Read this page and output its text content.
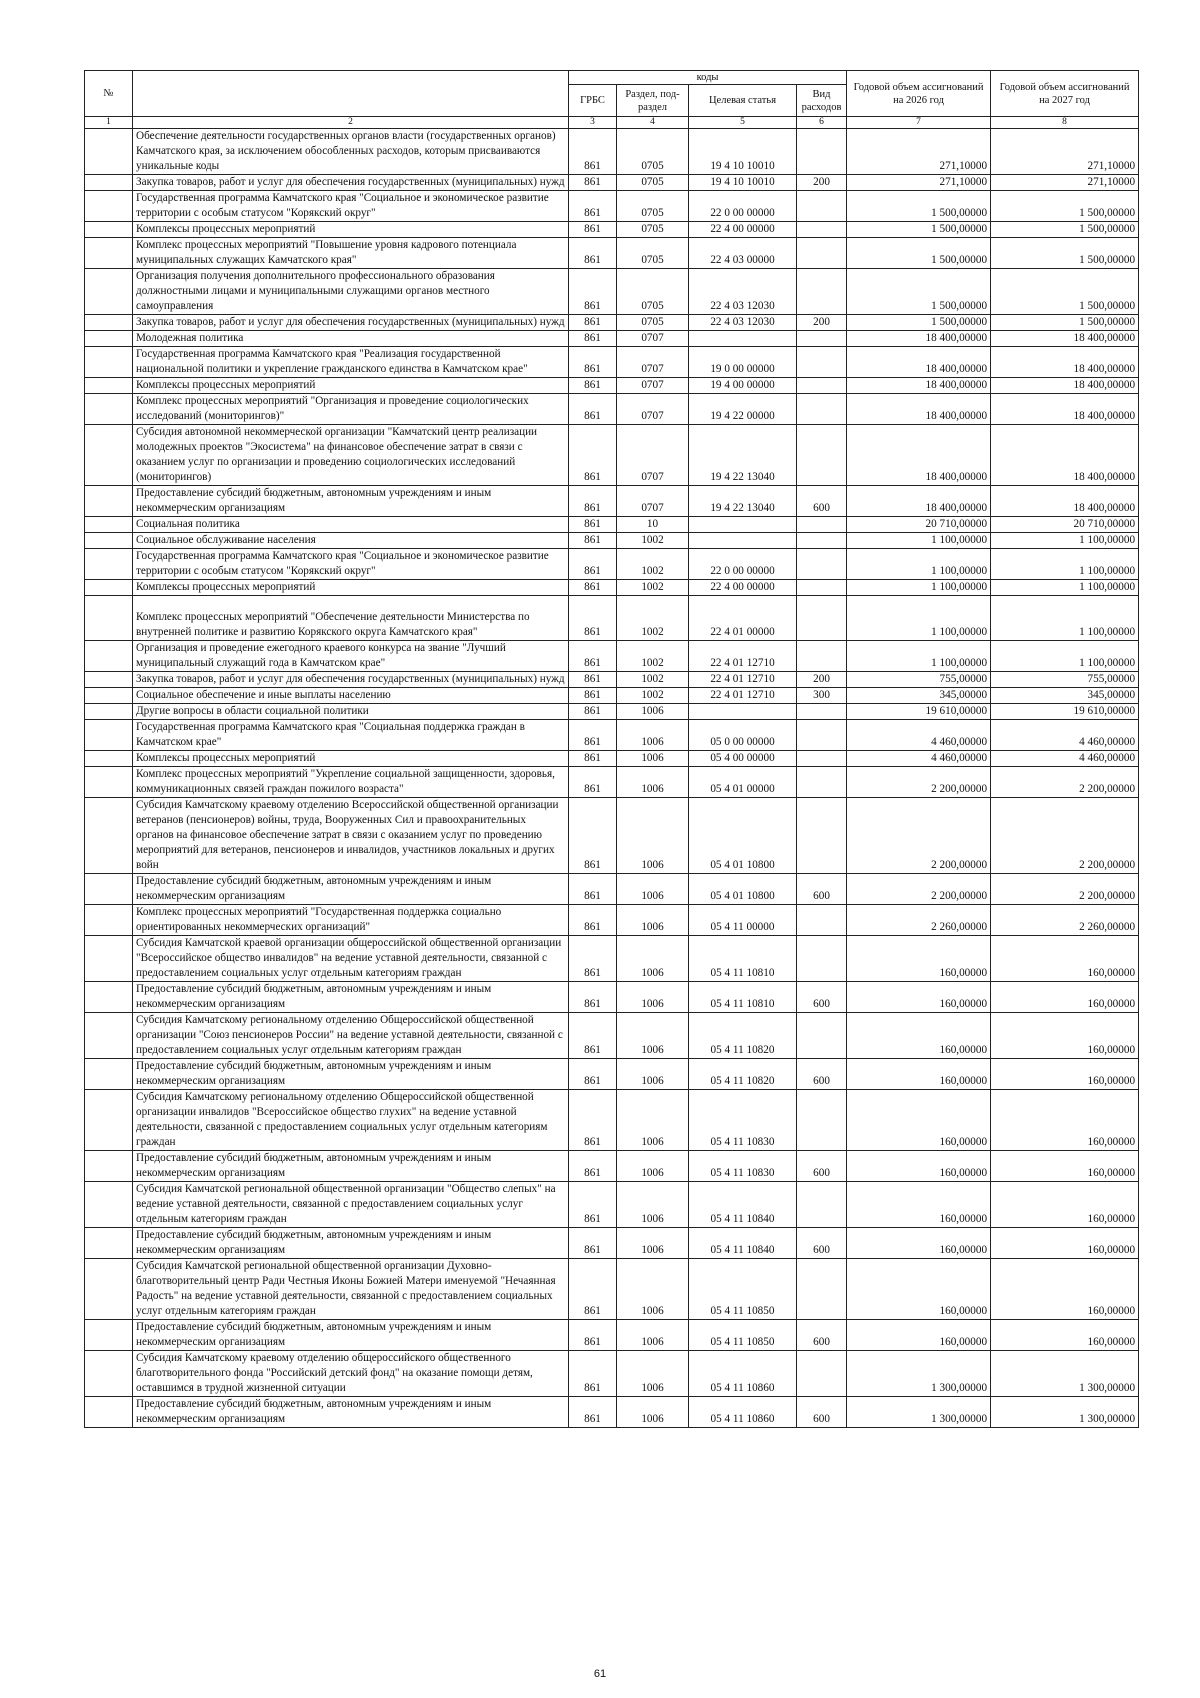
№		коды				Годовой объем ассигнований на 2026 год	Годовой объем ассигнований на 2027 год
		ГРБС	Раздел, под-раздел	Целевая статья	Вид расходов		
1	2	3	4	5	6	7	8
	Обеспечение деятельности государственных органов власти (государственных органов) Камчатского края, за исключением обособленных расходов, которым присваиваются уникальные коды	861	0705	19 4 10 10010		271,10000	271,10000
	Закупка товаров, работ и услуг для обеспечения государственных (муниципальных) нужд	861	0705	19 4 10 10010	200	271,10000	271,10000
	Государственная программа Камчатского края "Социальное и экономическое развитие территории с особым статусом "Корякский округ"	861	0705	22 0 00 00000		1 500,00000	1 500,00000
	Комплексы процессных мероприятий	861	0705	22 4 00 00000		1 500,00000	1 500,00000
	Комплекс процессных мероприятий "Повышение уровня кадрового потенциала муниципальных служащих Камчатского края"	861	0705	22 4 03 00000		1 500,00000	1 500,00000
	Организация получения дополнительного профессионального образования должностными лицами и муниципальными служащими органов местного самоуправления	861	0705	22 4 03 12030		1 500,00000	1 500,00000
	Закупка товаров, работ и услуг для обеспечения государственных (муниципальных) нужд	861	0705	22 4 03 12030	200	1 500,00000	1 500,00000
	Молодежная политика	861	0707			18 400,00000	18 400,00000
	Государственная программа Камчатского края "Реализация государственной национальной политики и укрепление гражданского единства в Камчатском крае"	861	0707	19 0 00 00000		18 400,00000	18 400,00000
	Комплексы процессных мероприятий	861	0707	19 4 00 00000		18 400,00000	18 400,00000
	Комплекс процессных мероприятий "Организация и проведение социологических исследований (мониторингов)"	861	0707	19 4 22 00000		18 400,00000	18 400,00000
	Субсидия автономной некоммерческой организации "Камчатский центр реализации молодежных проектов "Экосистема" на финансовое обеспечение затрат в связи с оказанием услуг по организации и проведению социологических исследований (мониторингов)	861	0707	19 4 22 13040		18 400,00000	18 400,00000
	Предоставление субсидий бюджетным, автономным учреждениям и иным некоммерческим организациям	861	0707	19 4 22 13040	600	18 400,00000	18 400,00000
	Социальная политика	861	10			20 710,00000	20 710,00000
	Социальное обслуживание населения	861	1002			1 100,00000	1 100,00000
	Государственная программа Камчатского края "Социальное и экономическое развитие территории с особым статусом "Корякский округ"	861	1002	22 0 00 00000		1 100,00000	1 100,00000
	Комплексы процессных мероприятий	861	1002	22 4 00 00000		1 100,00000	1 100,00000
	Комплекс процессных мероприятий "Обеспечение деятельности Министерства по внутренней политике и развитию Корякского округа Камчатского края"	861	1002	22 4 01 00000		1 100,00000	1 100,00000
	Организация и проведение ежегодного краевого конкурса на звание "Лучший муниципальный служащий года в Камчатском крае"	861	1002	22 4 01 12710		1 100,00000	1 100,00000
	Закупка товаров, работ и услуг для обеспечения государственных (муниципальных) нужд	861	1002	22 4 01 12710	200	755,00000	755,00000
	Социальное обеспечение и иные выплаты населению	861	1002	22 4 01 12710	300	345,00000	345,00000
	Другие вопросы в области социальной политики	861	1006			19 610,00000	19 610,00000
	Государственная программа Камчатского края "Социальная поддержка граждан в Камчатском крае"	861	1006	05 0 00 00000		4 460,00000	4 460,00000
	Комплексы процессных мероприятий	861	1006	05 4 00 00000		4 460,00000	4 460,00000
	Комплекс процессных мероприятий "Укрепление социальной защищенности, здоровья, коммуникационных связей граждан пожилого возраста"	861	1006	05 4 01 00000		2 200,00000	2 200,00000
	Субсидия Камчатскому краевому отделению Всероссийской общественной организации ветеранов (пенсионеров) войны, труда, Вооруженных Сил и правоохранительных органов на финансовое обеспечение затрат в связи с оказанием услуг по проведению мероприятий для ветеранов, пенсионеров и инвалидов, участников локальных и других войн	861	1006	05 4 01 10800		2 200,00000	2 200,00000
	Предоставление субсидий бюджетным, автономным учреждениям и иным некоммерческим организациям	861	1006	05 4 01 10800	600	2 200,00000	2 200,00000
	Комплекс процессных мероприятий "Государственная поддержка социально ориентированных некоммерческих организаций"	861	1006	05 4 11 00000		2 260,00000	2 260,00000
	Субсидия Камчатской краевой организации общероссийской общественной организации "Всероссийское общество инвалидов" на ведение уставной деятельности, связанной с предоставлением социальных услуг отдельным категориям граждан	861	1006	05 4 11 10810		160,00000	160,00000
	Предоставление субсидий бюджетным, автономным учреждениям и иным некоммерческим организациям	861	1006	05 4 11 10810	600	160,00000	160,00000
	Субсидия Камчатскому региональному отделению Общероссийской общественной организации "Союз пенсионеров России" на ведение уставной деятельности, связанной с предоставлением социальных услуг отдельным категориям граждан	861	1006	05 4 11 10820		160,00000	160,00000
	Предоставление субсидий бюджетным, автономным учреждениям и иным некоммерческим организациям	861	1006	05 4 11 10820	600	160,00000	160,00000
	Субсидия Камчатскому региональному отделению Общероссийской общественной организации инвалидов "Всероссийское общество глухих" на ведение уставной деятельности, связанной с предоставлением социальных услуг отдельным категориям граждан	861	1006	05 4 11 10830		160,00000	160,00000
	Предоставление субсидий бюджетным, автономным учреждениям и иным некоммерческим организациям	861	1006	05 4 11 10830	600	160,00000	160,00000
	Субсидия Камчатской региональной общественной организации "Общество слепых" на ведение уставной деятельности, связанной с предоставлением социальных услуг отдельным категориям граждан	861	1006	05 4 11 10840		160,00000	160,00000
	Предоставление субсидий бюджетным, автономным учреждениям и иным некоммерческим организациям	861	1006	05 4 11 10840	600	160,00000	160,00000
	Субсидия Камчатской региональной общественной организации Духовно-благотворительный центр Ради Честныя Иконы Божией Матери именуемой "Нечаянная Радость" на ведение уставной деятельности, связанной с предоставлением социальных услуг отдельным категориям граждан	861	1006	05 4 11 10850		160,00000	160,00000
	Предоставление субсидий бюджетным, автономным учреждениям и иным некоммерческим организациям	861	1006	05 4 11 10850	600	160,00000	160,00000
	Субсидия Камчатскому краевому отделению общероссийского общественного благотворительного фонда "Российский детский фонд" на оказание помощи детям, оставшимся в трудной жизненной ситуации	861	1006	05 4 11 10860		1 300,00000	1 300,00000
	Предоставление субсидий бюджетным, автономным учреждениям и иным некоммерческим организациям	861	1006	05 4 11 10860	600	1 300,00000	1 300,00000
61
